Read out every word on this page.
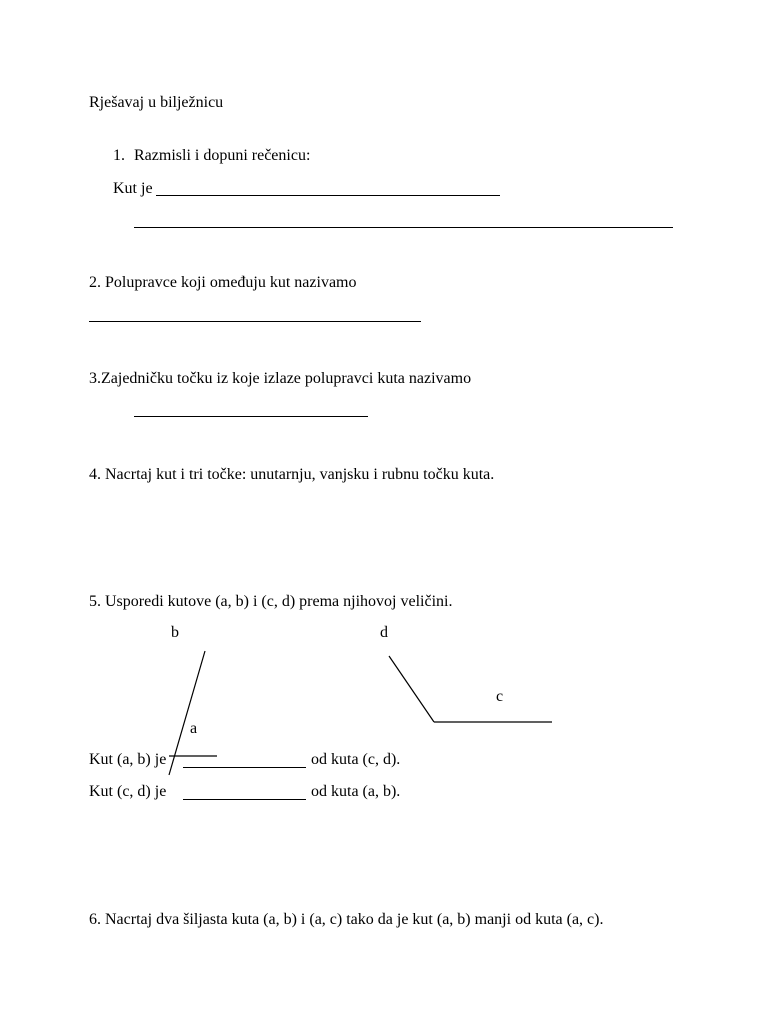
Rješavaj u bilježnicu
1. Razmisli i dopuni rečenicu:
Kut je
2. Polupravce koji omeđuju kut nazivamo
3.Zajedničku točku iz koje izlaze polupravci kuta nazivamo
4. Nacrtaj kut i tri točke: unutarnju, vanjsku i rubnu točku kuta.
5. Usporedi kutove (a, b) i (c, d) prema njihovoj veličini.
b	d
c
a
Kut (a, b) je	od kuta (c, d).
Kut (c, d) je	od kuta (a, b).
6. Nacrtaj dva šiljasta kuta (a, b) i (a, c) tako da je kut (a, b) manji od kuta (a, c).
